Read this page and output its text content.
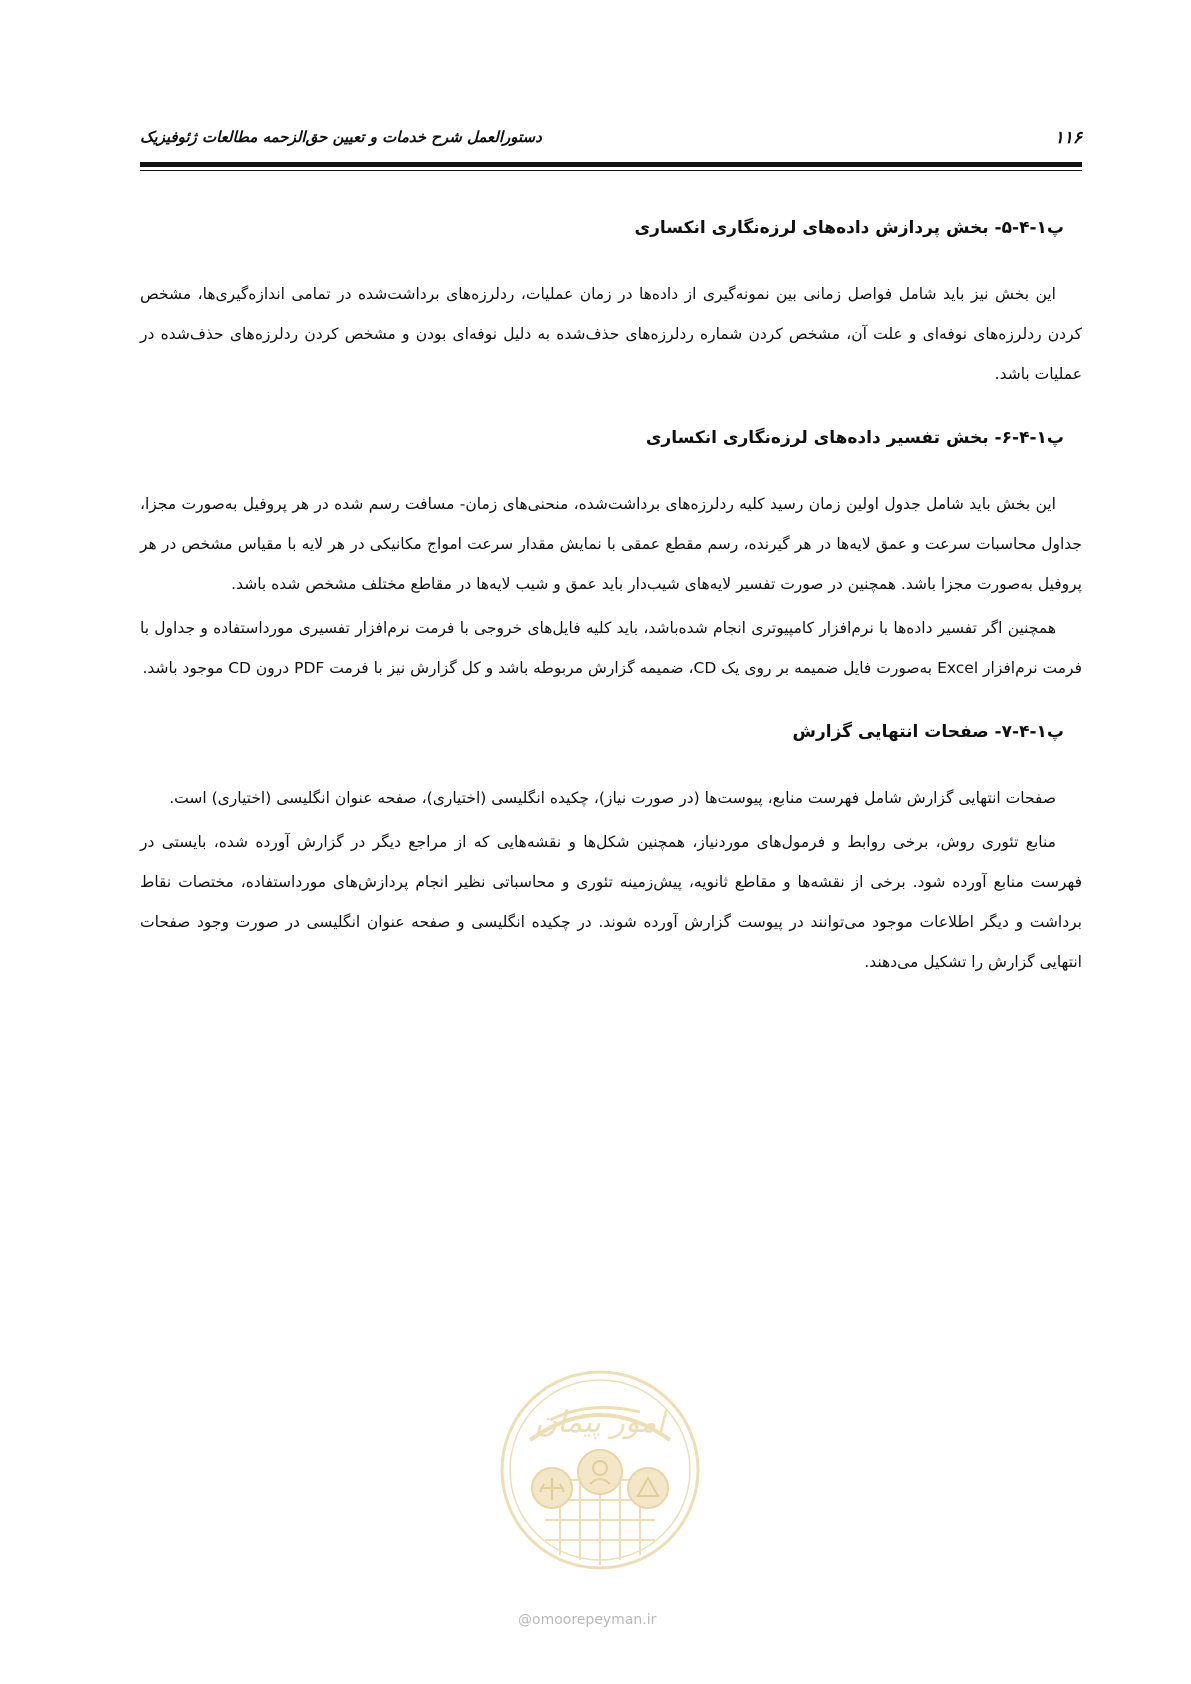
۱۱۶
دستورالعمل شرح خدمات و تعیین حق‌الزحمه مطالعات ژئوفیزیک
پ۱-۴-۵- بخش پردازش داده‌های لرزه‌نگاری انکساری

این بخش نیز باید شامل فواصل زمانی بین نمونه‌گیری از داده‌ها در زمان عملیات، ردلرزه‌های برداشت‌شده در تمامی اندازه‌گیری‌ها، مشخص کردن ردلرزه‌های نوفه‌ای و علت آن، مشخص کردن شماره ردلرزه‌های حذف‌شده به دلیل نوفه‌ای بودن و مشخص کردن ردلرزه‌های حذف‌شده در عملیات باشد.

پ۱-۴-۶- بخش تفسیر داده‌های لرزه‌نگاری انکساری

این بخش باید شامل جدول اولین زمان رسید کلیه ردلرزه‌های برداشت‌شده، منحنی‌های زمان- مسافت رسم شده در هر پروفیل به‌صورت مجزا، جداول محاسبات سرعت و عمق لایه‌ها در هر گیرنده، رسم مقطع عمقی با نمایش مقدار سرعت امواج مکانیکی در هر لایه با مقیاس مشخص در هر پروفیل به‌صورت مجزا باشد. همچنین در صورت تفسیر لایه‌های شیب‌دار باید عمق و شیب لایه‌ها در مقاطع مختلف مشخص شده باشد.

همچنین اگر تفسیر داده‌ها با نرم‌افزار کامپیوتری انجام شده‌باشد، باید کلیه فایل‌های خروجی با فرمت نرم‌افزار تفسیری مورداستفاده و جداول با فرمت نرم‌افزار Excel به‌صورت فایل ضمیمه بر روی یک CD، ضمیمه گزارش مربوطه باشد و کل گزارش نیز با فرمت PDF درون CD موجود باشد.

پ۱-۴-۷- صفحات انتهایی گزارش

صفحات انتهایی گزارش شامل فهرست منابع، پیوست‌ها (در صورت نیاز)، چکیده انگلیسی (اختیاری)، صفحه عنوان انگلیسی (اختیاری) است.

منابع تئوری روش، برخی روابط و فرمول‌های موردنیاز، همچنین شکل‌ها و نقشه‌هایی که از مراجع دیگر در گزارش آورده شده، بایستی در فهرست منابع آورده شود. برخی از نقشه‌ها و مقاطع ثانویه، پیش‌زمینه تئوری و محاسباتی نظیر انجام پردازش‌های مورداستفاده، مختصات نقاط برداشت و دیگر اطلاعات موجود می‌توانند در پیوست گزارش آورده شوند. در چکیده انگلیسی و صفحه عنوان انگلیسی در صورت وجود صفحات انتهایی گزارش را تشکیل می‌دهند.

امور پیمان
@omoorepeyman.ir
